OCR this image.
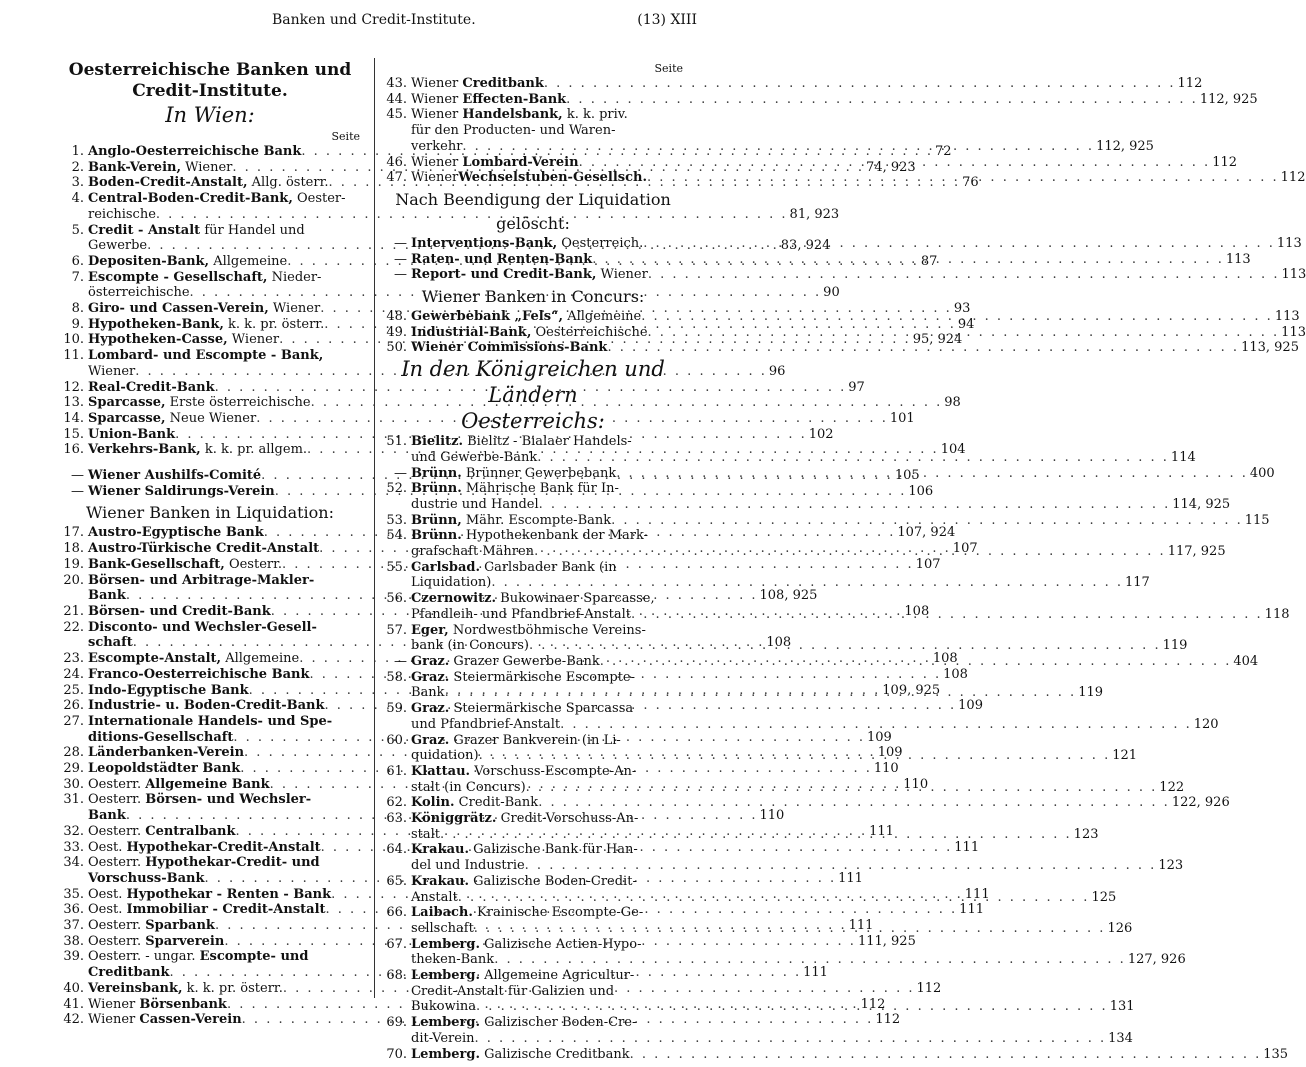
Banken und Credit-Institute.	(13) XIII
Oesterreichische Banken und
Credit-Institute.
In Wien:
Seite
1. Anglo-Oesterreichische Bank . . .	72
2. Bank-Verein, Wiener . . .	74, 923
3. Boden-Credit-Anstalt, Allg. österr. . . .	76
4. Central-Boden-Credit-Bank, Oester-
reichische . . .	81, 923
5. Credit - Anstalt für Handel und
Gewerbe . . .	83, 924
6. Depositen-Bank, Allgemeine . . .	87
7. Escompte - Gesellschaft, Nieder-
österreichische . . .	90
8. Giro- und Cassen-Verein, Wiener . . .	93
9. Hypotheken-Bank, k. k. pr. österr. . . .	94
10. Hypotheken-Casse, Wiener . . .	95, 924
11. Lombard- und Escompte - Bank,
Wiener . . .	96
12. Real-Credit-Bank . . .	97
13. Sparcasse, Erste österreichische . . .	98
14. Sparcasse, Neue Wiener . . .	101
15. Union-Bank . . .	102
16. Verkehrs-Bank, k. k. pr. allgem. . . .	104
— Wiener Aushilfs-Comité . . .	105
— Wiener Saldirungs-Verein . . .	106
Wiener Banken in Liquidation:
17. Austro-Egyptische Bank . . .	107, 924
18. Austro-Türkische Credit-Anstalt . . .	107
19. Bank-Gesellschaft, Oesterr. . . .	107
20. Börsen- und Arbitrage-Makler-
Bank . . .	108, 925
21. Börsen- und Credit-Bank . . .	108
22. Disconto- und Wechsler-Gesell-
schaft . . .	108
23. Escompte-Anstalt, Allgemeine . . .	108
24. Franco-Oesterreichische Bank . . .	108
25. Indo-Egyptische Bank . . .	109, 925
26. Industrie- u. Boden-Credit-Bank . . .	109
27. Internationale Handels- und Spe-
ditions-Gesellschaft . . .	109
28. Länderbanken-Verein . . .	109
29. Leopoldstädter Bank . . .	110
30. Oesterr. Allgemeine Bank . . .	110
31. Oesterr. Börsen- und Wechsler-
Bank . . .	110
32. Oesterr. Centralbank . . .	111
33. Oest. Hypothekar-Credit-Anstalt . . .	111
34. Oesterr. Hypothekar-Credit- und
Vorschuss-Bank . . .	111
35. Oest. Hypothekar - Renten - Bank . . .	111
36. Oest. Immobiliar - Credit-Anstalt . . .	111
37. Oesterr. Sparbank . . .	111
38. Oesterr. Sparverein . . .	111, 925
39. Oesterr. - ungar. Escompte- und
Creditbank . . .	111
40. Vereinsbank, k. k. pr. österr. . . .	112
41. Wiener Börsenbank . . .	112
42. Wiener Cassen-Verein . . .	112
Seite
43. Wiener Creditbank . . .	112
44. Wiener Effecten-Bank . . .	112, 925
45. Wiener Handelsbank, k. k. priv.
für den Producten- und Waren-
verkehr . . .	112, 925
46. Wiener Lombard-Verein . . .	112
47. WienerWechselstuben-Gesellsch. . . .	112
Nach Beendigung der Liquidation
gelöscht:
— Interventions-Bank, Oesterreich. . . .	113
— Raten- und Renten-Bank . . .	113
— Report- und Credit-Bank, Wiener . . .	113
Wiener Banken in Concurs:
48. Gewerbebank „Fels“, Allgemeine . . .	113
49. Industrial-Bank, Oesterreichische . . .	113
50. Wiener Commissions-Bank . . .	113, 925
In den Königreichen und Ländern
Oesterreichs:
51. Bielitz. Bielitz - Bialaer Handels-
und Gewerbe-Bank . . .	114
— Brünn. Brünner Gewerbebank . . .	400
52. Brünn. Mährische Bank für In-
dustrie und Handel . . .	114, 925
53. Brünn, Mähr. Escompte-Bank . . .	115
54. Brünn. Hypothekenbank der Mark-
grafschaft Mähren . . .	117, 925
55. Carlsbad. Carlsbader Bank (in
Liquidation) . . .	117
56. Czernowitz. Bukowinaer Sparcasse,
Pfandleih- und Pfandbrief-Anstalt . . .	118
57. Eger, Nordwestböhmische Vereins-
bank (in Concurs) . . .	119
— Graz. Grazer Gewerbe-Bank . . .	404
58. Graz. Steiermärkische Escompte-
Bank . . .	119
59. Graz. Steiermärkische Sparcassa
und Pfandbrief-Anstalt . . .	120
60. Graz. Grazer Bankverein (in Li-
quidation) . . .	121
61. Klattau. Vorschuss-Escompte-An-
stalt (in Concurs) . . .	122
62. Kolin. Credit-Bank . . .	122, 926
63. Königgrätz. Credit-Vorschuss-An-
stalt . . .	123
64. Krakau. Galizische Bank für Han-
del und Industrie . . .	123
65. Krakau. Galizische Boden-Credit-
Anstalt . . .	125
66. Laibach. Krainische Escompte-Ge-
sellschaft . . .	126
67. Lemberg. Galizische Actien-Hypo-
theken-Bank . . .	127, 926
68. Lemberg. Allgemeine Agricultur-
Credit-Anstalt für Galizien und
Bukowina . . .	131
69. Lemberg. Galizischer Boden-Cre-
dit-Verein . . .	134
70. Lemberg. Galizische Creditbank . . .	135
